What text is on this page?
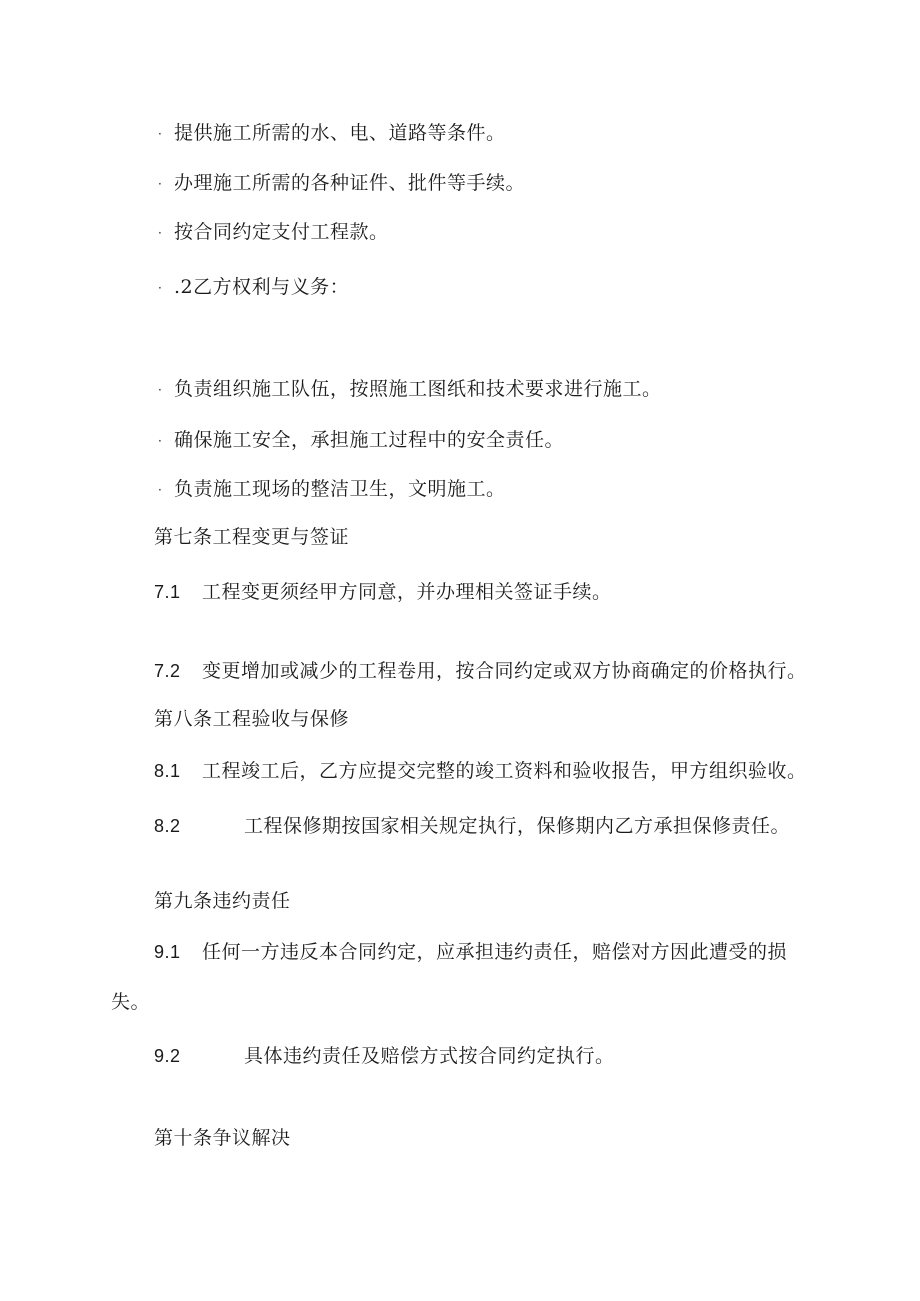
· 提供施工所需的水、电、道路等条件。
· 办理施工所需的各种证件、批件等手续。
· 按合同约定支付工程款。
· .2乙方权利与义务：
· 负责组织施工队伍，按照施工图纸和技术要求进行施工。
· 确保施工安全，承担施工过程中的安全责任。
· 负责施工现场的整洁卫生，文明施工。
第七条工程变更与签证
7.1 工程变更须经甲方同意，并办理相关签证手续。
7.2 变更增加或减少的工程卷用，按合同约定或双方协商确定的价格执行。
第八条工程验收与保修
8.1 工程竣工后，乙方应提交完整的竣工资料和验收报告，甲方组织验收。
8.2	工程保修期按国家相关规定执行，保修期内乙方承担保修责任。
第九条违约责任
9.1 任何一方违反本合同约定，应承担违约责任，赔偿对方因此遭受的损
失。
9.2	具体违约责任及赔偿方式按合同约定执行。
第十条争议解决
